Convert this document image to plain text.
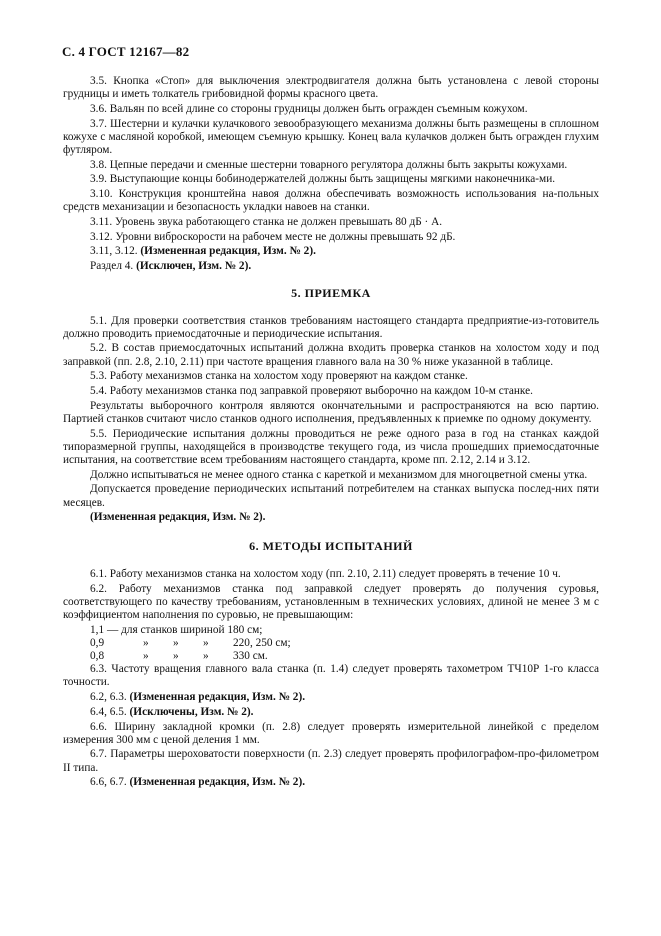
С. 4 ГОСТ 12167—82

3.5. Кнопка «Стоп» для выключения электродвигателя должна быть установлена с левой стороны грудницы и иметь толкатель грибовидной формы красного цвета.

3.6. Вальян по всей длине со стороны грудницы должен быть огражден съемным кожухом.

3.7. Шестерни и кулачки кулачкового зевообразующего механизма должны быть размещены в сплошном кожухе с масляной коробкой, имеющем съемную крышку. Конец вала кулачков должен быть огражден глухим футляром.

3.8. Цепные передачи и сменные шестерни товарного регулятора должны быть закрыты кожухами.

3.9. Выступающие концы бобинодержателей должны быть защищены мягкими наконечника-ми.

3.10. Конструкция кронштейна навоя должна обеспечивать возможность использования на-польных средств механизации и безопасность укладки навоев на станки.

3.11. Уровень звука работающего станка не должен превышать 80 дБ · А.

3.12. Уровни виброскорости на рабочем месте не должны превышать 92 дБ.

3.11, 3.12. (Измененная редакция, Изм. № 2).

Раздел 4. (Исключен, Изм. № 2).

5. ПРИЕМКА

5.1. Для проверки соответствия станков требованиям настоящего стандарта предприятие-из-готовитель должно проводить приемосдаточные и периодические испытания.

5.2. В состав приемосдаточных испытаний должна входить проверка станков на холостом ходу и под заправкой (пп. 2.8, 2.10, 2.11) при частоте вращения главного вала на 30 % ниже указанной в таблице.

5.3. Работу механизмов станка на холостом ходу проверяют на каждом станке.

5.4. Работу механизмов станка под заправкой проверяют выборочно на каждом 10-м станке.

Результаты выборочного контроля являются окончательными и распространяются на всю партию. Партией станков считают число станков одного исполнения, предъявленных к приемке по одному документу.

5.5. Периодические испытания должны проводиться не реже одного раза в год на станках каждой типоразмерной группы, находящейся в производстве текущего года, из числа прошедших приемосдаточные испытания, на соответствие всем требованиям настоящего стандарта, кроме пп. 2.12, 2.14 и 3.12.

Должно испытываться не менее одного станка с кареткой и механизмом для многоцветной смены утка.

Допускается проведение периодических испытаний потребителем на станках выпуска послед-них пяти месяцев.

(Измененная редакция, Изм. № 2).

6. МЕТОДЫ ИСПЫТАНИЙ

6.1. Работу механизмов станка на холостом ходу (пп. 2.10, 2.11) следует проверять в течение 10 ч.

6.2. Работу механизмов станка под заправкой следует проверять до получения суровья, соответствующего по качеству требованиям, установленным в технических условиях, длиной не менее 3 м с коэффициентом наполнения по суровью, не превышающим:

1,1 — для станков шириной 180 см;

0,9	»	»	»	220, 250 см;
0,8	»	»	»	330 см.

6.3. Частоту вращения главного вала станка (п. 1.4) следует проверять тахометром ТЧ10Р 1-го класса точности.

6.2, 6.3. (Измененная редакция, Изм. № 2).

6.4, 6.5. (Исключены, Изм. № 2).

6.6. Ширину закладной кромки (п. 2.8) следует проверять измерительной линейкой с пределом измерения 300 мм с ценой деления 1 мм.

6.7. Параметры шероховатости поверхности (п. 2.3) следует проверять профилографом-про-филометром II типа.

6.6, 6.7. (Измененная редакция, Изм. № 2).
